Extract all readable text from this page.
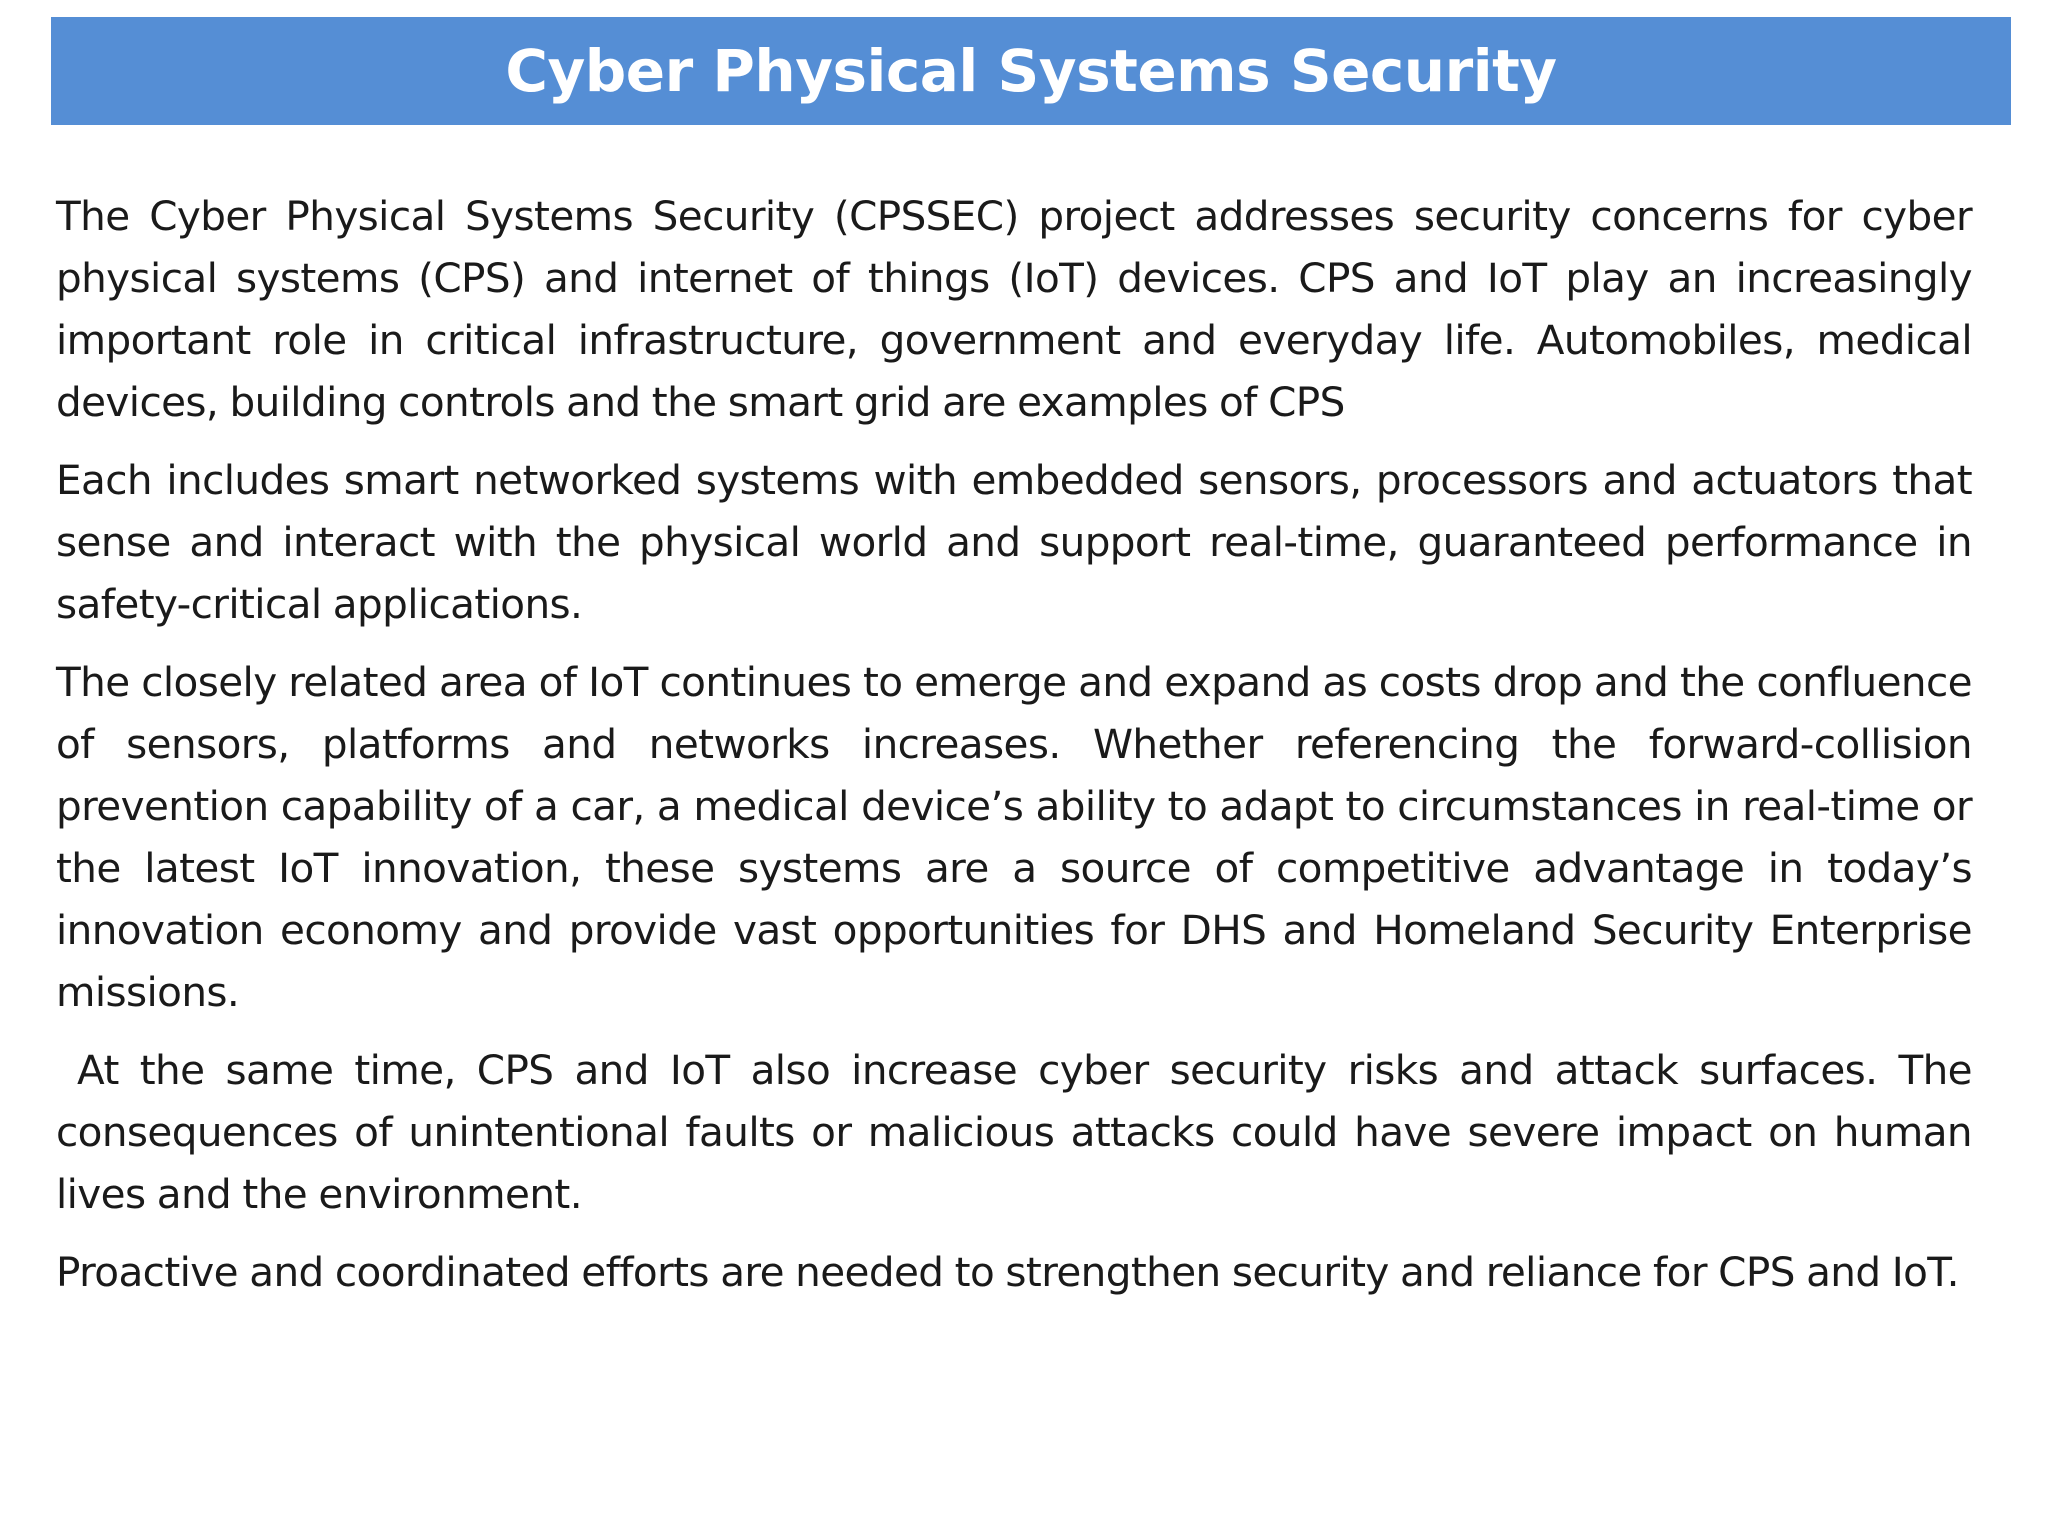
Cyber Physical Systems Security

The Cyber Physical Systems Security (CPSSEC) project addresses security concerns for cyber physical systems (CPS) and internet of things (IoT) devices. CPS and IoT play an increasingly important role in critical infrastructure, government and everyday life. Automobiles, medical devices, building controls and the smart grid are examples of CPS

Each includes smart networked systems with embedded sensors, processors and actuators that sense and interact with the physical world and support real-time, guaranteed performance in safety-critical applications.

The closely related area of IoT continues to emerge and expand as costs drop and the confluence of sensors, platforms and networks increases. Whether referencing the forward-collision prevention capability of a car, a medical device’s ability to adapt to circumstances in real-time or the latest IoT innovation, these systems are a source of competitive advantage in today’s innovation economy and provide vast opportunities for DHS and Homeland Security Enterprise missions.

At the same time, CPS and IoT also increase cyber security risks and attack surfaces. The consequences of unintentional faults or malicious attacks could have severe impact on human lives and the environment.

Proactive and coordinated efforts are needed to strengthen security and reliance for CPS and IoT.
